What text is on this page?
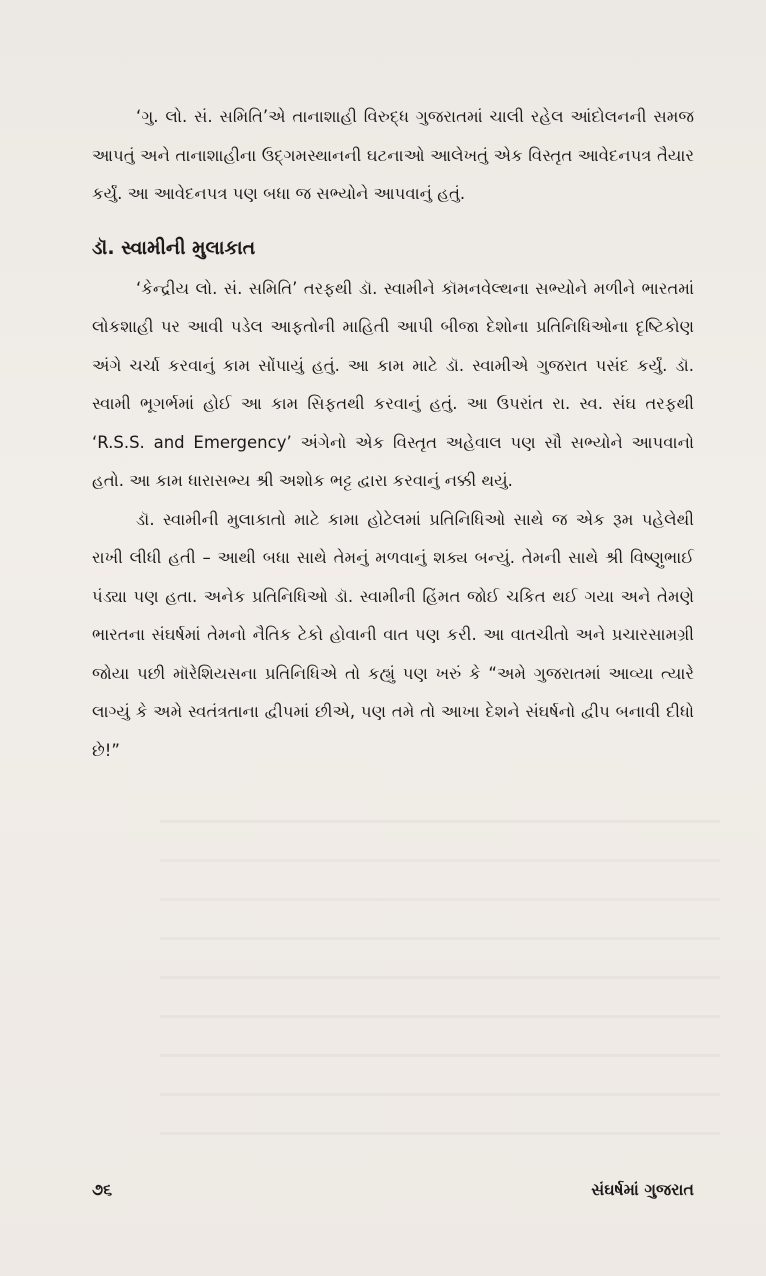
‘ગુ. લો. સં. સમિતિ’એ તાનાશાહી વિરુદ્ધ ગુજરાતમાં ચાલી રહેલ આંદોલનની સમજ આપતું અને તાનાશાહીના ઉદ્ગમસ્થાનની ઘટનાઓ આલેખતું એક વિસ્તૃત આવેદનપત્ર તૈયાર કર્યું. આ આવેદનપત્ર પણ બધા જ સભ્યોને આપવાનું હતું.

ડૉ. સ્વામીની મુલાકાત

‘કેન્દ્રીય લો. સં. સમિતિ’ તરફથી ડૉ. સ્વામીને કૉમનવેલ્થના સભ્યોને મળીને ભારતમાં લોકશાહી પર આવી પડેલ આફતોની માહિતી આપી બીજા દેશોના પ્રતિનિધિઓના દૃષ્ટિકોણ અંગે ચર્ચા કરવાનું કામ સોંપાયું હતું. આ કામ માટે ડૉ. સ્વામીએ ગુજરાત પસંદ કર્યું. ડૉ. સ્વામી ભૂગર્ભમાં હોઈ આ કામ સિફતથી કરવાનું હતું. આ ઉપરાંત રા. સ્વ. સંઘ તરફથી ‘R.S.S. and Emergency’ અંગેનો એક વિસ્તૃત અહેવાલ પણ સૌ સભ્યોને આપવાનો હતો. આ કામ ધારાસભ્ય શ્રી અશોક ભટ્ટ દ્વારા કરવાનું નક્કી થયું.

ડૉ. સ્વામીની મુલાકાતો માટે કામા હોટેલમાં પ્રતિનિધિઓ સાથે જ એક રૂમ પહેલેથી રાખી લીધી હતી – આથી બધા સાથે તેમનું મળવાનું શક્ય બન્યું. તેમની સાથે શ્રી વિષ્ણુભાઈ પંડ્યા પણ હતા. અનેક પ્રતિનિધિઓ ડૉ. સ્વામીની હિંમત જોઈ ચકિત થઈ ગયા અને તેમણે ભારતના સંઘર્ષમાં તેમનો નૈતિક ટેકો હોવાની વાત પણ કરી. આ વાતચીતો અને પ્રચારસામગ્રી જોયા પછી મૉરેશિયસના પ્રતિનિધિએ તો કહ્યું પણ ખરું કે “અમે ગુજરાતમાં આવ્યા ત્યારે લાગ્યું કે અમે સ્વતંત્રતાના દ્વીપમાં છીએ, પણ તમે તો આખા દેશને સંઘર્ષનો દ્વીપ બનાવી દીધો છે!”

૭૬	સંઘર્ષમાં ગુજરાત
